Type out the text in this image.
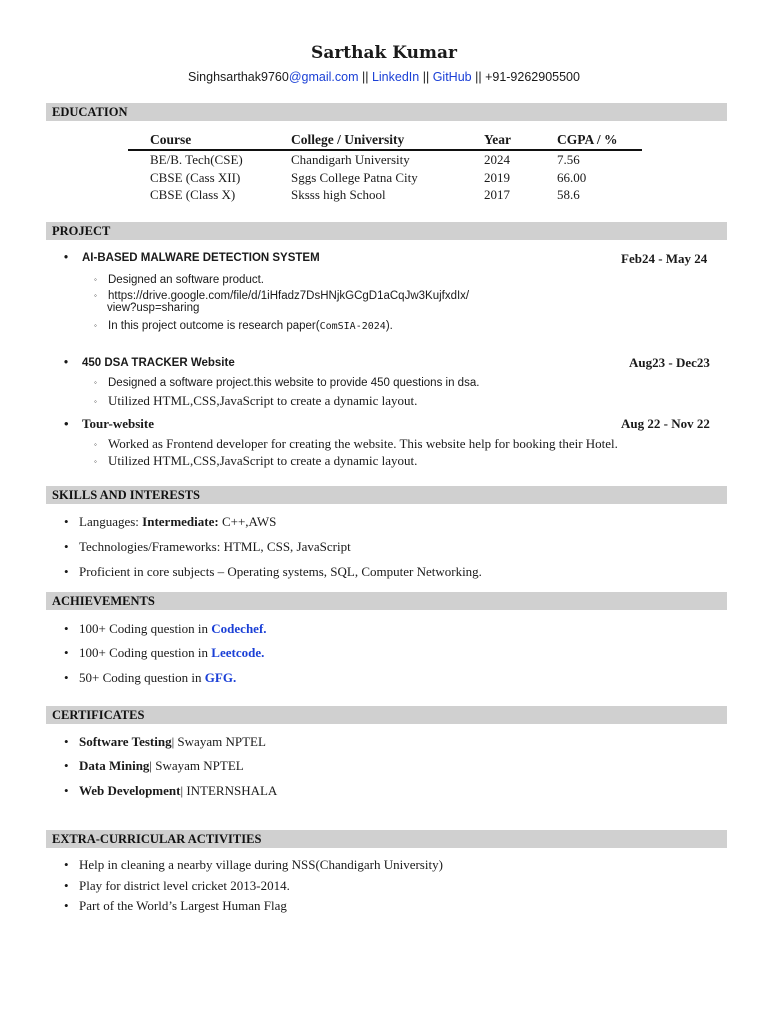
Sarthak Kumar
Singhsarthak9760@gmail.com || LinkedIn || GitHub || +91-9262905500
EDUCATION
Course	College / University	Year	CGPA / %
BE/B. Tech(CSE)	Chandigarh University	2024	7.56
CBSE (Cass XII)	Sggs College Patna City	2019	66.00
CBSE (Class X)	Sksss high School	2017	58.6
PROJECT
• AI-BASED MALWARE DETECTION SYSTEM	Feb24 - May 24
◦ Designed an software product.
◦ https://drive.google.com/file/d/1iHfadz7DsHNjkGCgD1aCqJw3KujfxdIx/
view?usp=sharing
◦ In this project outcome is research paper(ComSIA-2024).
• 450 DSA TRACKER Website	Aug23 - Dec23
◦ Designed a software project.this website to provide 450 questions in dsa.
◦ Utilized HTML,CSS,JavaScript to create a dynamic layout.
• Tour-website	Aug 22 - Nov 22
◦ Worked as Frontend developer for creating the website. This website help for booking their Hotel.
◦ Utilized HTML,CSS,JavaScript to create a dynamic layout.
SKILLS AND INTERESTS
• Languages: Intermediate: C++,AWS
• Technologies/Frameworks: HTML, CSS, JavaScript
• Proficient in core subjects – Operating systems, SQL, Computer Networking.
ACHIEVEMENTS
• 100+ Coding question in Codechef.
• 100+ Coding question in Leetcode.
• 50+ Coding question in GFG.
CERTIFICATES
• Software Testing| Swayam NPTEL
• Data Mining| Swayam NPTEL
• Web Development| INTERNSHALA
EXTRA-CURRICULAR ACTIVITIES
• Help in cleaning a nearby village during NSS(Chandigarh University)
• Play for district level cricket 2013-2014.
• Part of the World’s Largest Human Flag
